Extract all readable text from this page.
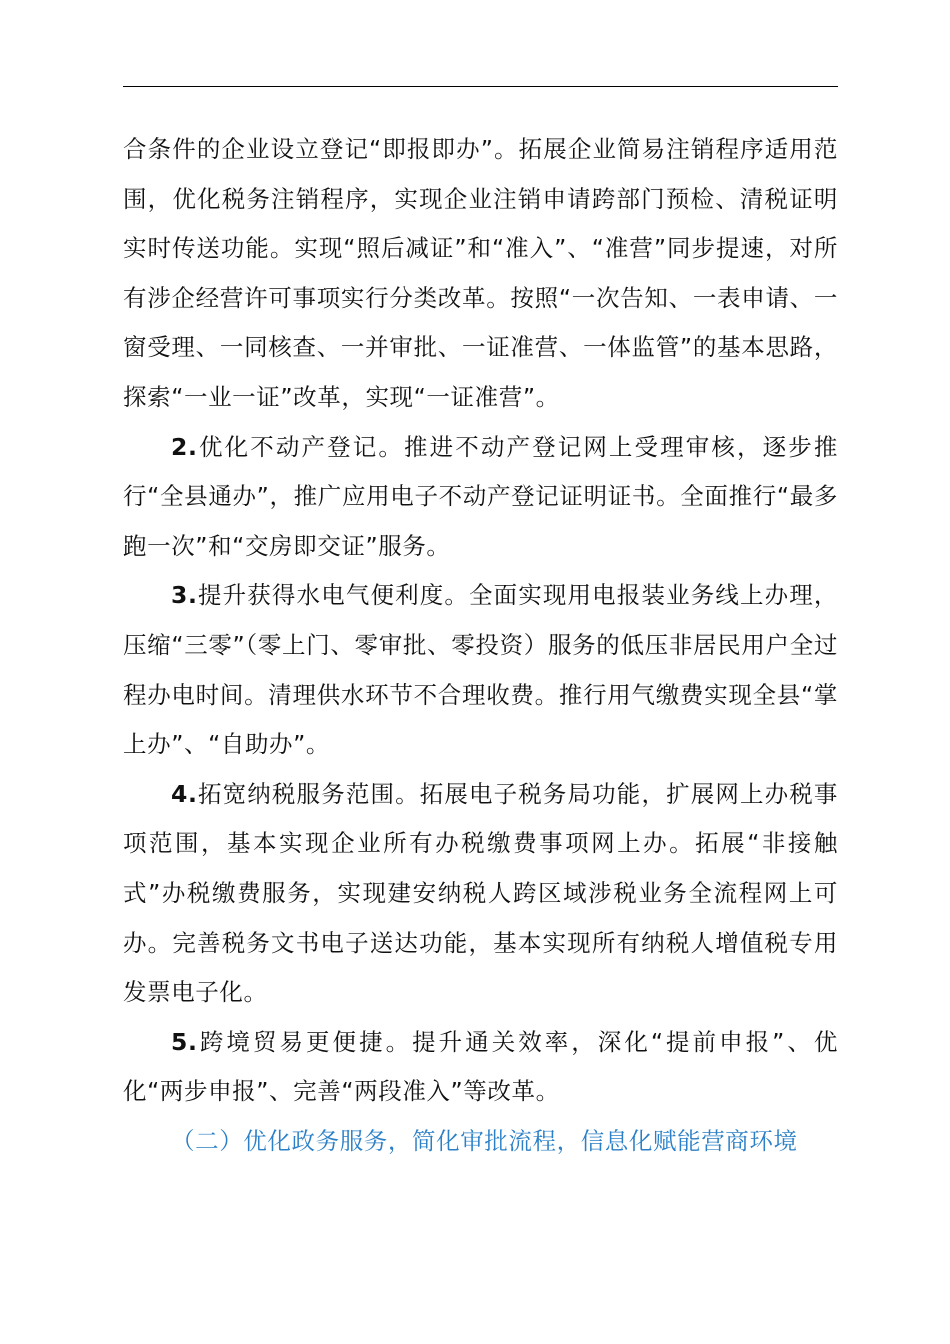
合条件的企业设立登记“即报即办”。拓展企业简易注销程序适用范围，优化税务注销程序，实现企业注销申请跨部门预检、清税证明实时传送功能。实现“照后减证”和“准入”、“准营”同步提速，对所有涉企经营许可事项实行分类改革。按照“一次告知、一表申请、一窗受理、一同核查、一并审批、一证准营、一体监管”的基本思路，探索“一业一证”改革，实现“一证准营”。

2.优化不动产登记。推进不动产登记网上受理审核，逐步推行“全县通办”，推广应用电子不动产登记证明证书。全面推行“最多跑一次”和“交房即交证”服务。

3.提升获得水电气便利度。全面实现用电报装业务线上办理，压缩“三零”（零上门、零审批、零投资）服务的低压非居民用户全过程办电时间。清理供水环节不合理收费。推行用气缴费实现全县“掌上办”、“自助办”。

4.拓宽纳税服务范围。拓展电子税务局功能，扩展网上办税事项范围，基本实现企业所有办税缴费事项网上办。拓展“非接触式”办税缴费服务，实现建安纳税人跨区域涉税业务全流程网上可办。完善税务文书电子送达功能，基本实现所有纳税人增值税专用发票电子化。

5.跨境贸易更便捷。提升通关效率，深化“提前申报”、优化“两步申报”、完善“两段准入”等改革。

（二）优化政务服务，简化审批流程，信息化赋能营商环境
